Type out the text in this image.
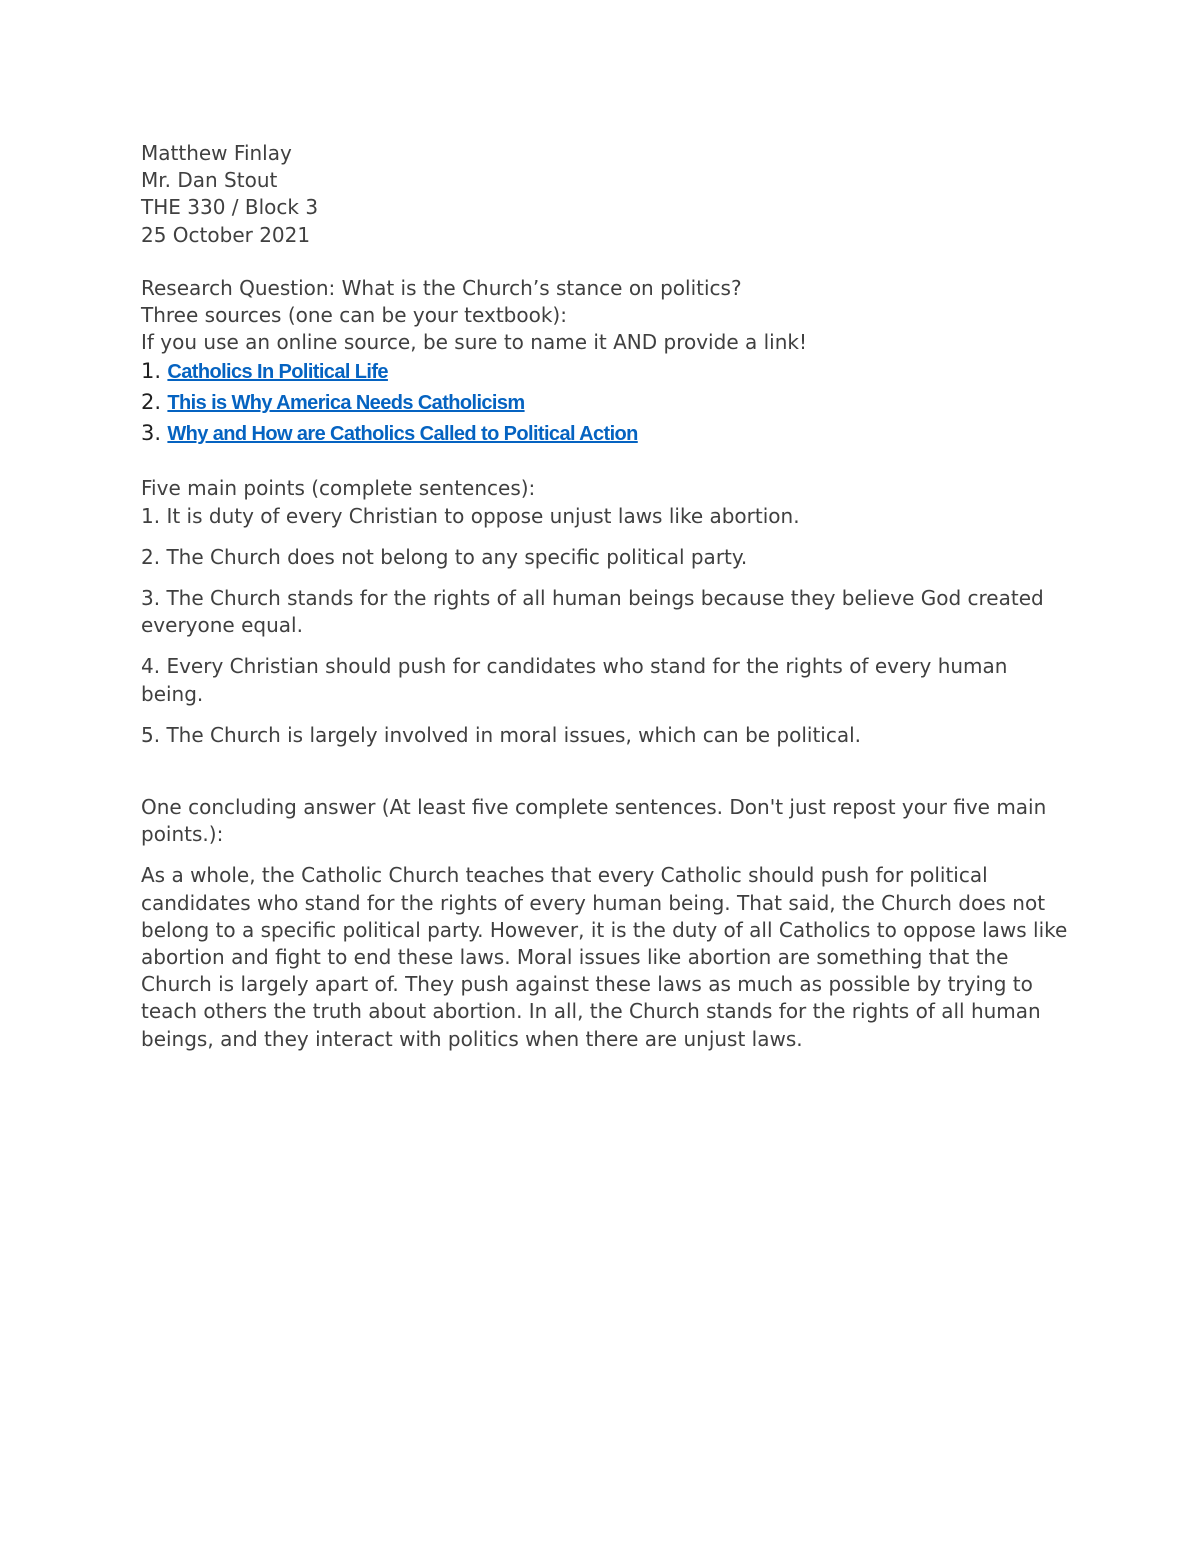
Matthew Finlay

Mr. Dan Stout

THE 330 / Block 3

25 October 2021

Research Question: What is the Church’s stance on politics?

Three sources (one can be your textbook):

If you use an online source, be sure to name it AND provide a link!

1. Catholics In Political Life
2. This is Why America Needs Catholicism
3. Why and How are Catholics Called to Political Action

Five main points (complete sentences):

1. It is duty of every Christian to oppose unjust laws like abortion.

2. The Church does not belong to any specific political party.

3. The Church stands for the rights of all human beings because they believe God created everyone equal.

4. Every Christian should push for candidates who stand for the rights of every human being.

5. The Church is largely involved in moral issues, which can be political.

One concluding answer (At least five complete sentences. Don't just repost your five main points.):

As a whole, the Catholic Church teaches that every Catholic should push for political candidates who stand for the rights of every human being. That said, the Church does not belong to a specific political party. However, it is the duty of all Catholics to oppose laws like abortion and fight to end these laws. Moral issues like abortion are something that the Church is largely apart of. They push against these laws as much as possible by trying to teach others the truth about abortion. In all, the Church stands for the rights of all human beings, and they interact with politics when there are unjust laws.
